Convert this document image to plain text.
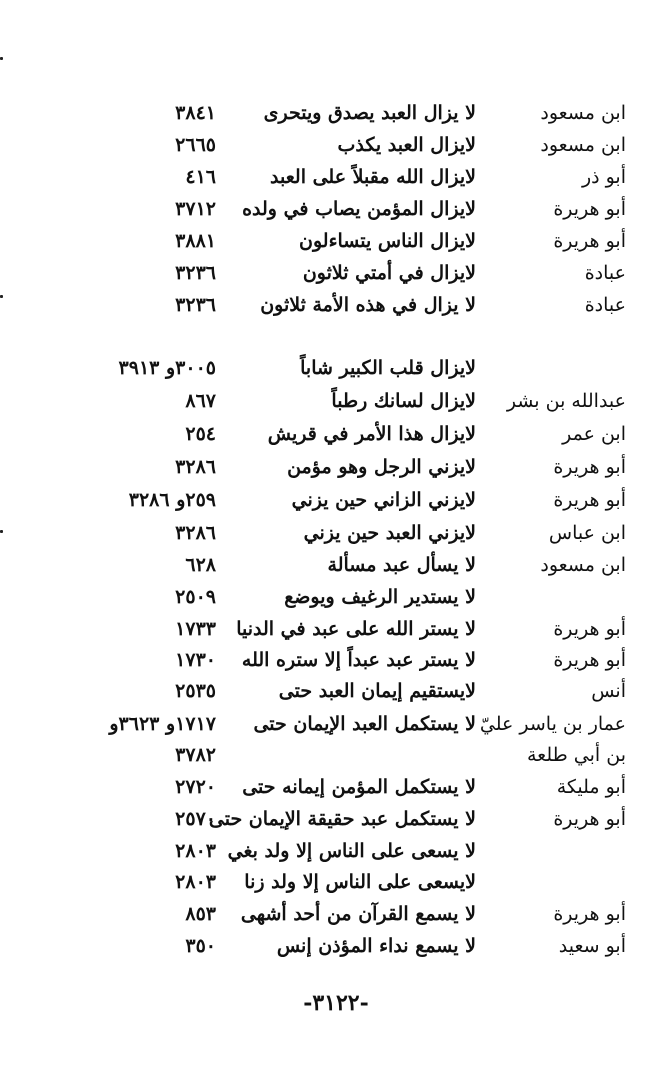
ابن مسعود
لا يزال العبد يصدق ويتحرى
٣٨٤١
ابن مسعود
لايزال العبد يكذب
٢٦٦٥
أبو ذر
لايزال الله مقبلاً على العبد
٤١٦
أبو هريرة
لايزال المؤمن يصاب في ولده
٣٧١٢
أبو هريرة
لايزال الناس يتساءلون
٣٨٨١
عبادة
لايزال في أمتي ثلاثون
٣٢٣٦
عبادة
لا يزال في هذه الأمة ثلاثون
٣٢٣٦
لايزال قلب الكبير شاباً
٣٠٠٥و ٣٩١٣
عبدالله بن بشر
لايزال لسانك رطباً
٨٦٧
ابن عمر
لايزال هذا الأمر في قريش
٢٥٤
أبو هريرة
لايزني الرجل وهو مؤمن
٣٢٨٦
أبو هريرة
لايزني الزاني حين يزني
٢٥٩و ٣٢٨٦
ابن عباس
لايزني العبد حين يزني
٣٢٨٦
ابن مسعود
لا يسأل عبد مسألة
٦٢٨
لا يستدير الرغيف ويوضع
٢٥٠٩
أبو هريرة
لا يستر الله على عبد في الدنيا
١٧٣٣
أبو هريرة
لا يستر عبد عبداً إلا ستره الله
١٧٣٠
أنس
لايستقيم إيمان العبد حتى
٢٥٣٥
عمار بن ياسر عليّ
لا يستكمل العبد الإيمان حتى
١٧١٧و ٣٦٢٣و
بن أبي طلعة
٣٧٨٢
أبو مليكة
لا يستكمل المؤمن إيمانه حتى
٢٧٢٠
أبو هريرة
لا يستكمل عبد حقيقة الإيمان حتى
٢٥٧٠
لا يسعى على الناس إلا ولد بغي
٢٨٠٣
لايسعى على الناس إلا ولد زنا
٢٨٠٣
أبو هريرة
لا يسمع القرآن من أحد أشهى
٨٥٣
أبو سعيد
لا يسمع نداء المؤذن إنس
٣٥٠
-٣١٢٢-
